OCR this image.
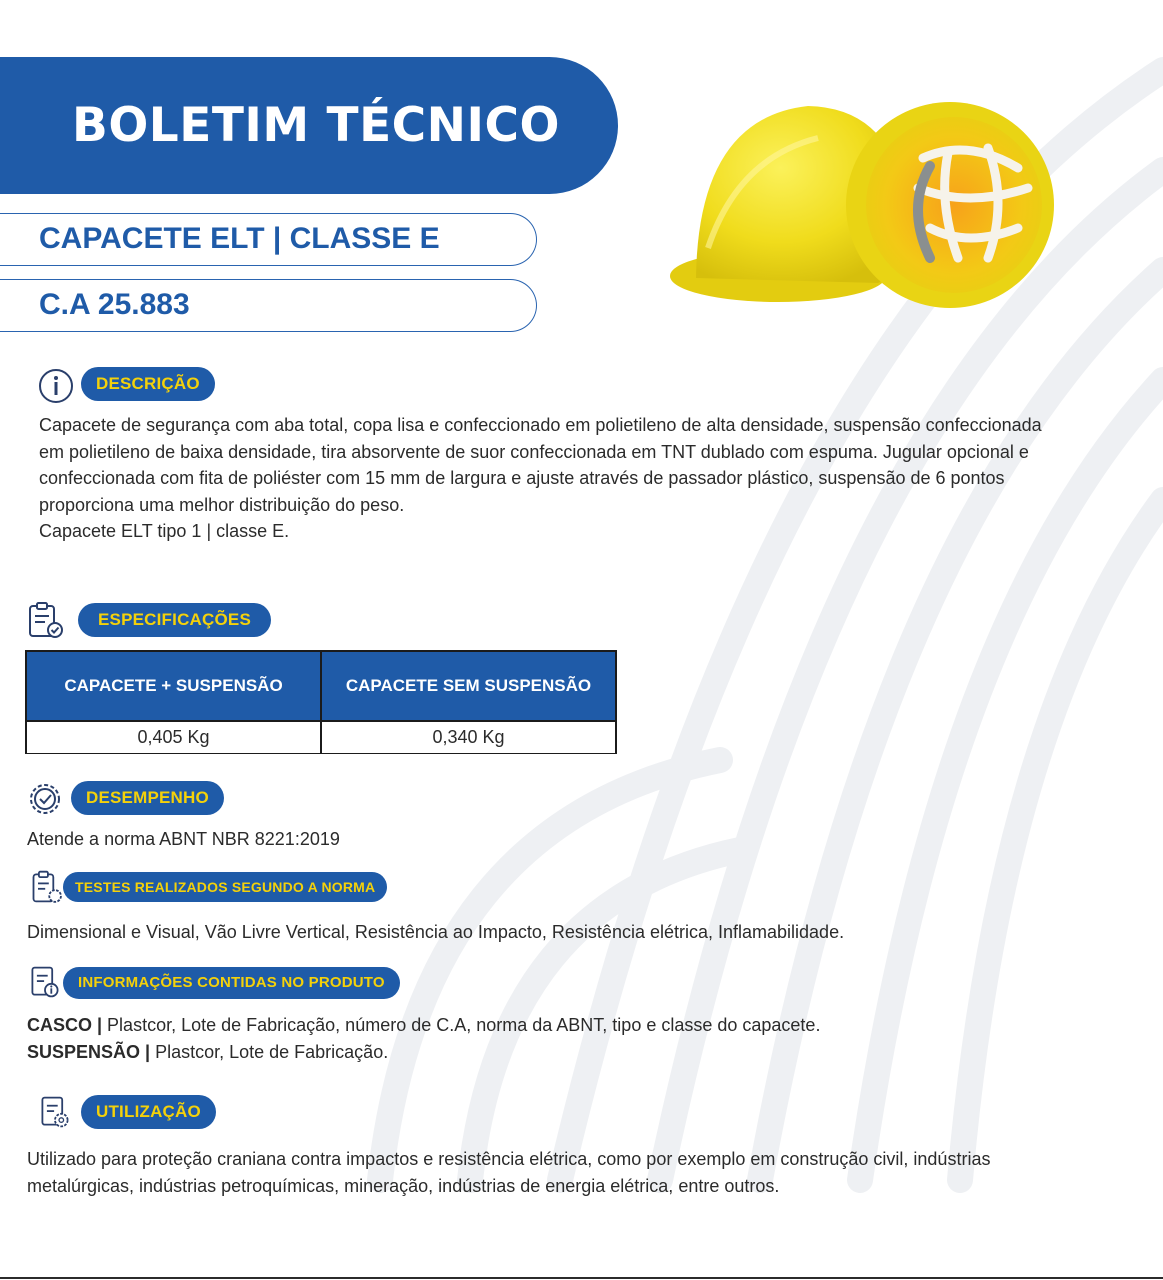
BOLETIM TÉCNICO
CAPACETE ELT | CLASSE E
C.A 25.883
DESCRIÇÃO
Capacete de segurança com aba total, copa lisa e confeccionado em polietileno de alta densidade, suspensão confeccionada
em polietileno de baixa densidade, tira absorvente de suor confeccionada em TNT dublado com espuma. Jugular opcional e
confeccionada com fita de poliéster com 15 mm de largura e ajuste através de passador plástico, suspensão de 6 pontos
proporciona uma melhor distribuição do peso.
Capacete ELT tipo 1 | classe E.
ESPECIFICAÇÕES
CAPACETE + SUSPENSÃO	CAPACETE SEM SUSPENSÃO
0,405 Kg	0,340 Kg
DESEMPENHO
Atende a norma ABNT NBR 8221:2019
TESTES REALIZADOS SEGUNDO A NORMA
Dimensional e Visual, Vão Livre Vertical, Resistência ao Impacto, Resistência elétrica, Inflamabilidade.
INFORMAÇÕES CONTIDAS NO PRODUTO
CASCO | Plastcor, Lote de Fabricação, número de C.A, norma da ABNT, tipo e classe do capacete.
SUSPENSÃO | Plastcor, Lote de Fabricação.
UTILIZAÇÃO
Utilizado para proteção craniana contra impactos e resistência elétrica, como por exemplo em construção civil, indústrias
metalúrgicas, indústrias petroquímicas, mineração, indústrias de energia elétrica, entre outros.
